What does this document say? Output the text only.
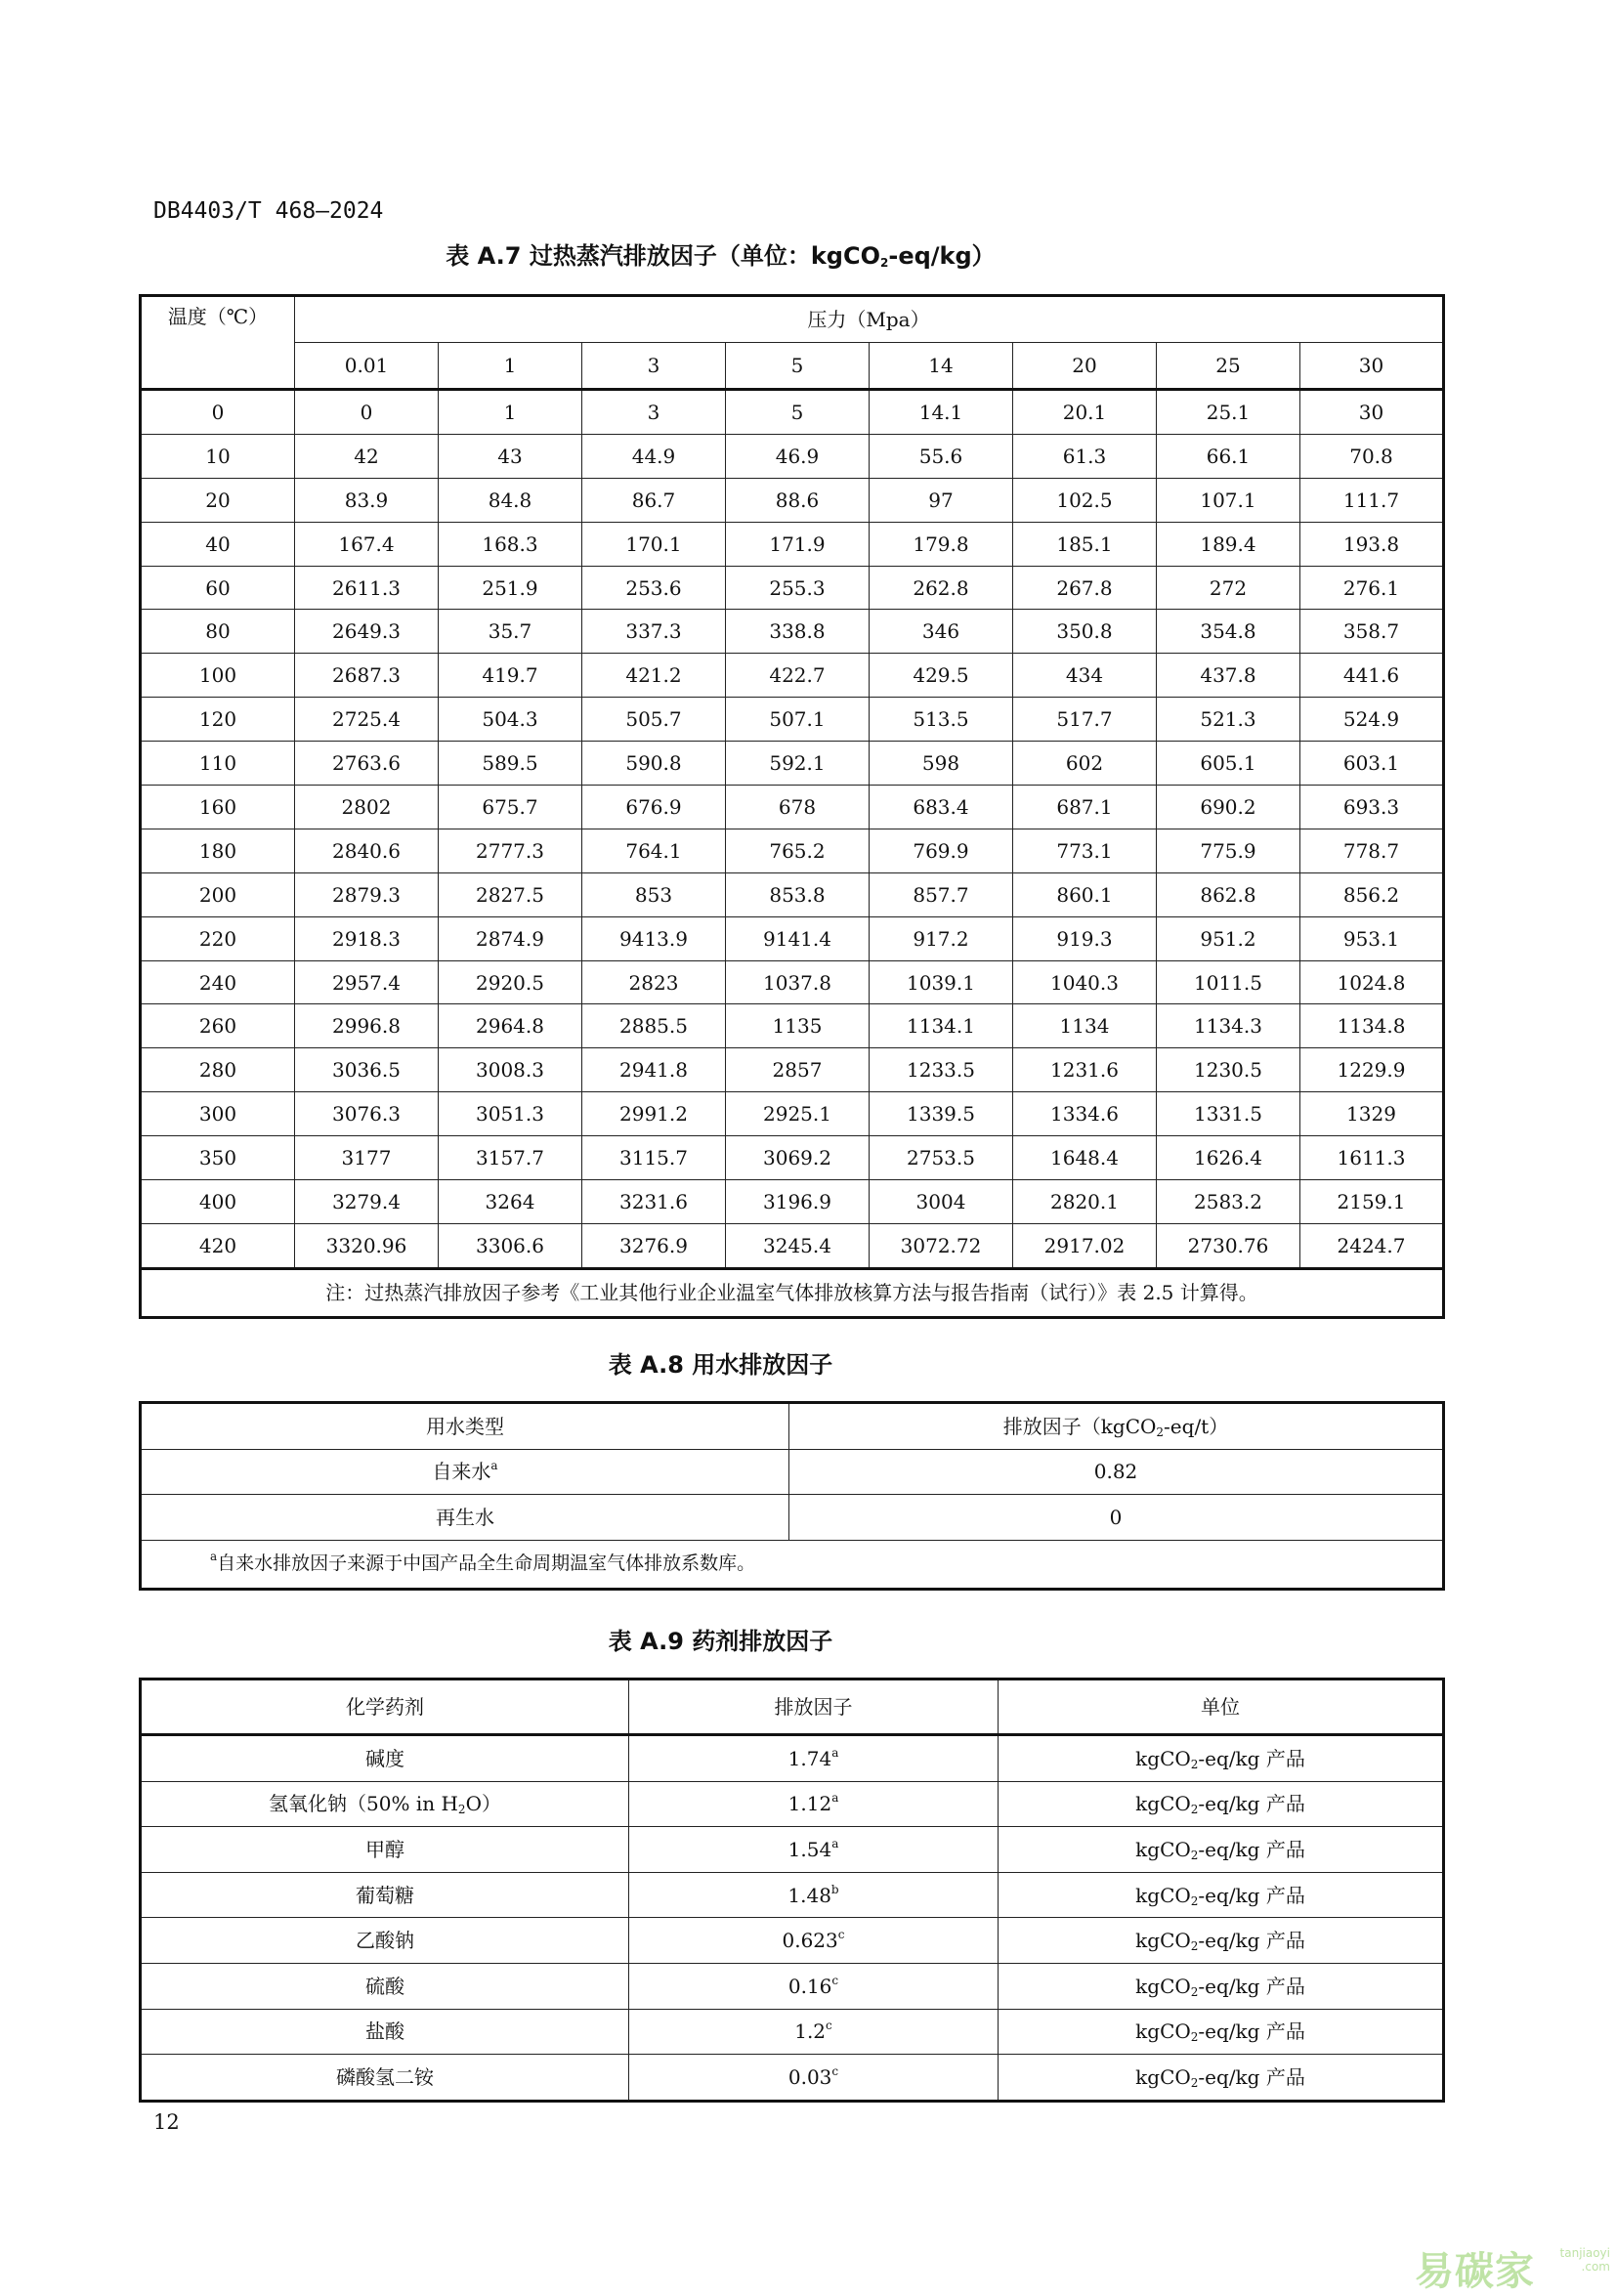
DB4403/T 468—2024
表 A.7 过热蒸汽排放因子（单位：kgCO$_2$-eq/kg）
温度（℃）	压力（Mpa）							
	0.01	1	3	5	14	20	25	30
0	0	1	3	5	14.1	20.1	25.1	30
10	42	43	44.9	46.9	55.6	61.3	66.1	70.8
20	83.9	84.8	86.7	88.6	97	102.5	107.1	111.7
40	167.4	168.3	170.1	171.9	179.8	185.1	189.4	193.8
60	2611.3	251.9	253.6	255.3	262.8	267.8	272	276.1
80	2649.3	35.7	337.3	338.8	346	350.8	354.8	358.7
100	2687.3	419.7	421.2	422.7	429.5	434	437.8	441.6
120	2725.4	504.3	505.7	507.1	513.5	517.7	521.3	524.9
110	2763.6	589.5	590.8	592.1	598	602	605.1	603.1
160	2802	675.7	676.9	678	683.4	687.1	690.2	693.3
180	2840.6	2777.3	764.1	765.2	769.9	773.1	775.9	778.7
200	2879.3	2827.5	853	853.8	857.7	860.1	862.8	856.2
220	2918.3	2874.9	9413.9	9141.4	917.2	919.3	951.2	953.1
240	2957.4	2920.5	2823	1037.8	1039.1	1040.3	1011.5	1024.8
260	2996.8	2964.8	2885.5	1135	1134.1	1134	1134.3	1134.8
280	3036.5	3008.3	2941.8	2857	1233.5	1231.6	1230.5	1229.9
300	3076.3	3051.3	2991.2	2925.1	1339.5	1334.6	1331.5	1329
350	3177	3157.7	3115.7	3069.2	2753.5	1648.4	1626.4	1611.3
400	3279.4	3264	3231.6	3196.9	3004	2820.1	2583.2	2159.1
420	3320.96	3306.6	3276.9	3245.4	3072.72	2917.02	2730.76	2424.7
注：过热蒸汽排放因子参考《工业其他行业企业温室气体排放核算方法与报告指南（试行）》表 2.5 计算得。								
表 A.8 用水排放因子
用水类型	排放因子（kgCO$_2$-eq/t）
自来水$^a$	0.82
再生水	0
$^a$自来水排放因子来源于中国产品全生命周期温室气体排放系数库。	
表 A.9 药剂排放因子
化学药剂	排放因子	单位
碱度	1.74$^a$	kgCO$_2$-eq/kg 产品
氢氧化钠（50% in $H_2O$）	1.12$^a$	kgCO$_2$-eq/kg 产品
甲醇	1.54$^a$	kgCO$_2$-eq/kg 产品
葡萄糖	1.48$^b$	kgCO$_2$-eq/kg 产品
乙酸钠	0.623$^c$	kgCO$_2$-eq/kg 产品
硫酸	0.16$^c$	kgCO$_2$-eq/kg 产品
盐酸	1.2$^c$	kgCO$_2$-eq/kg 产品
磷酸氢二铵	0.03$^c$	kgCO$_2$-eq/kg 产品
12
易碳家 tanjiaoyi
.com
